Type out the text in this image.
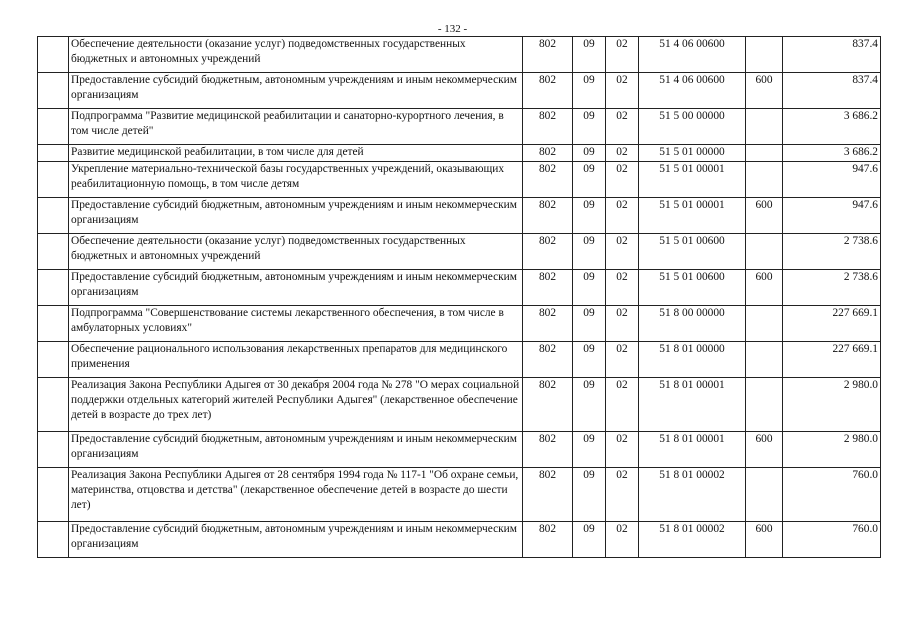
- 132 -
	Обеспечение деятельности (оказание услуг) подведомственных государственных бюджетных и автономных учреждений	802	09	02	51 4 06 00600		837.4
	Предоставление субсидий бюджетным, автономным учреждениям и иным некоммерческим организациям	802	09	02	51 4 06 00600	600	837.4
	Подпрограмма "Развитие медицинской реабилитации и санаторно-курортного лечения, в том числе детей"	802	09	02	51 5 00 00000		3 686.2
	Развитие медицинской реабилитации, в том числе для детей	802	09	02	51 5 01 00000		3 686.2
	Укрепление материально-технической базы государственных учреждений, оказывающих реабилитационную помощь, в том числе детям	802	09	02	51 5 01 00001		947.6
	Предоставление субсидий бюджетным, автономным учреждениям и иным некоммерческим организациям	802	09	02	51 5 01 00001	600	947.6
	Обеспечение деятельности (оказание услуг) подведомственных государственных бюджетных и автономных учреждений	802	09	02	51 5 01 00600		2 738.6
	Предоставление субсидий бюджетным, автономным учреждениям и иным некоммерческим организациям	802	09	02	51 5 01 00600	600	2 738.6
	Подпрограмма "Совершенствование системы лекарственного обеспечения, в том числе в амбулаторных условиях"	802	09	02	51 8 00 00000		227 669.1
	Обеспечение рационального использования лекарственных препаратов для медицинского применения	802	09	02	51 8 01 00000		227 669.1
	Реализация Закона Республики Адыгея от 30 декабря 2004 года № 278 "О мерах социальной поддержки отдельных категорий жителей Республики Адыгея" (лекарственное обеспечение детей в возрасте до трех лет)	802	09	02	51 8 01 00001		2 980.0
	Предоставление субсидий бюджетным, автономным учреждениям и иным некоммерческим организациям	802	09	02	51 8 01 00001	600	2 980.0
	Реализация Закона Республики Адыгея от 28 сентября 1994 года № 117-1 "Об охране семьи, материнства, отцовства и детства" (лекарственное обеспечение детей в возрасте до шести лет)	802	09	02	51 8 01 00002		760.0
	Предоставление субсидий бюджетным, автономным учреждениям и иным некоммерческим организациям	802	09	02	51 8 01 00002	600	760.0
